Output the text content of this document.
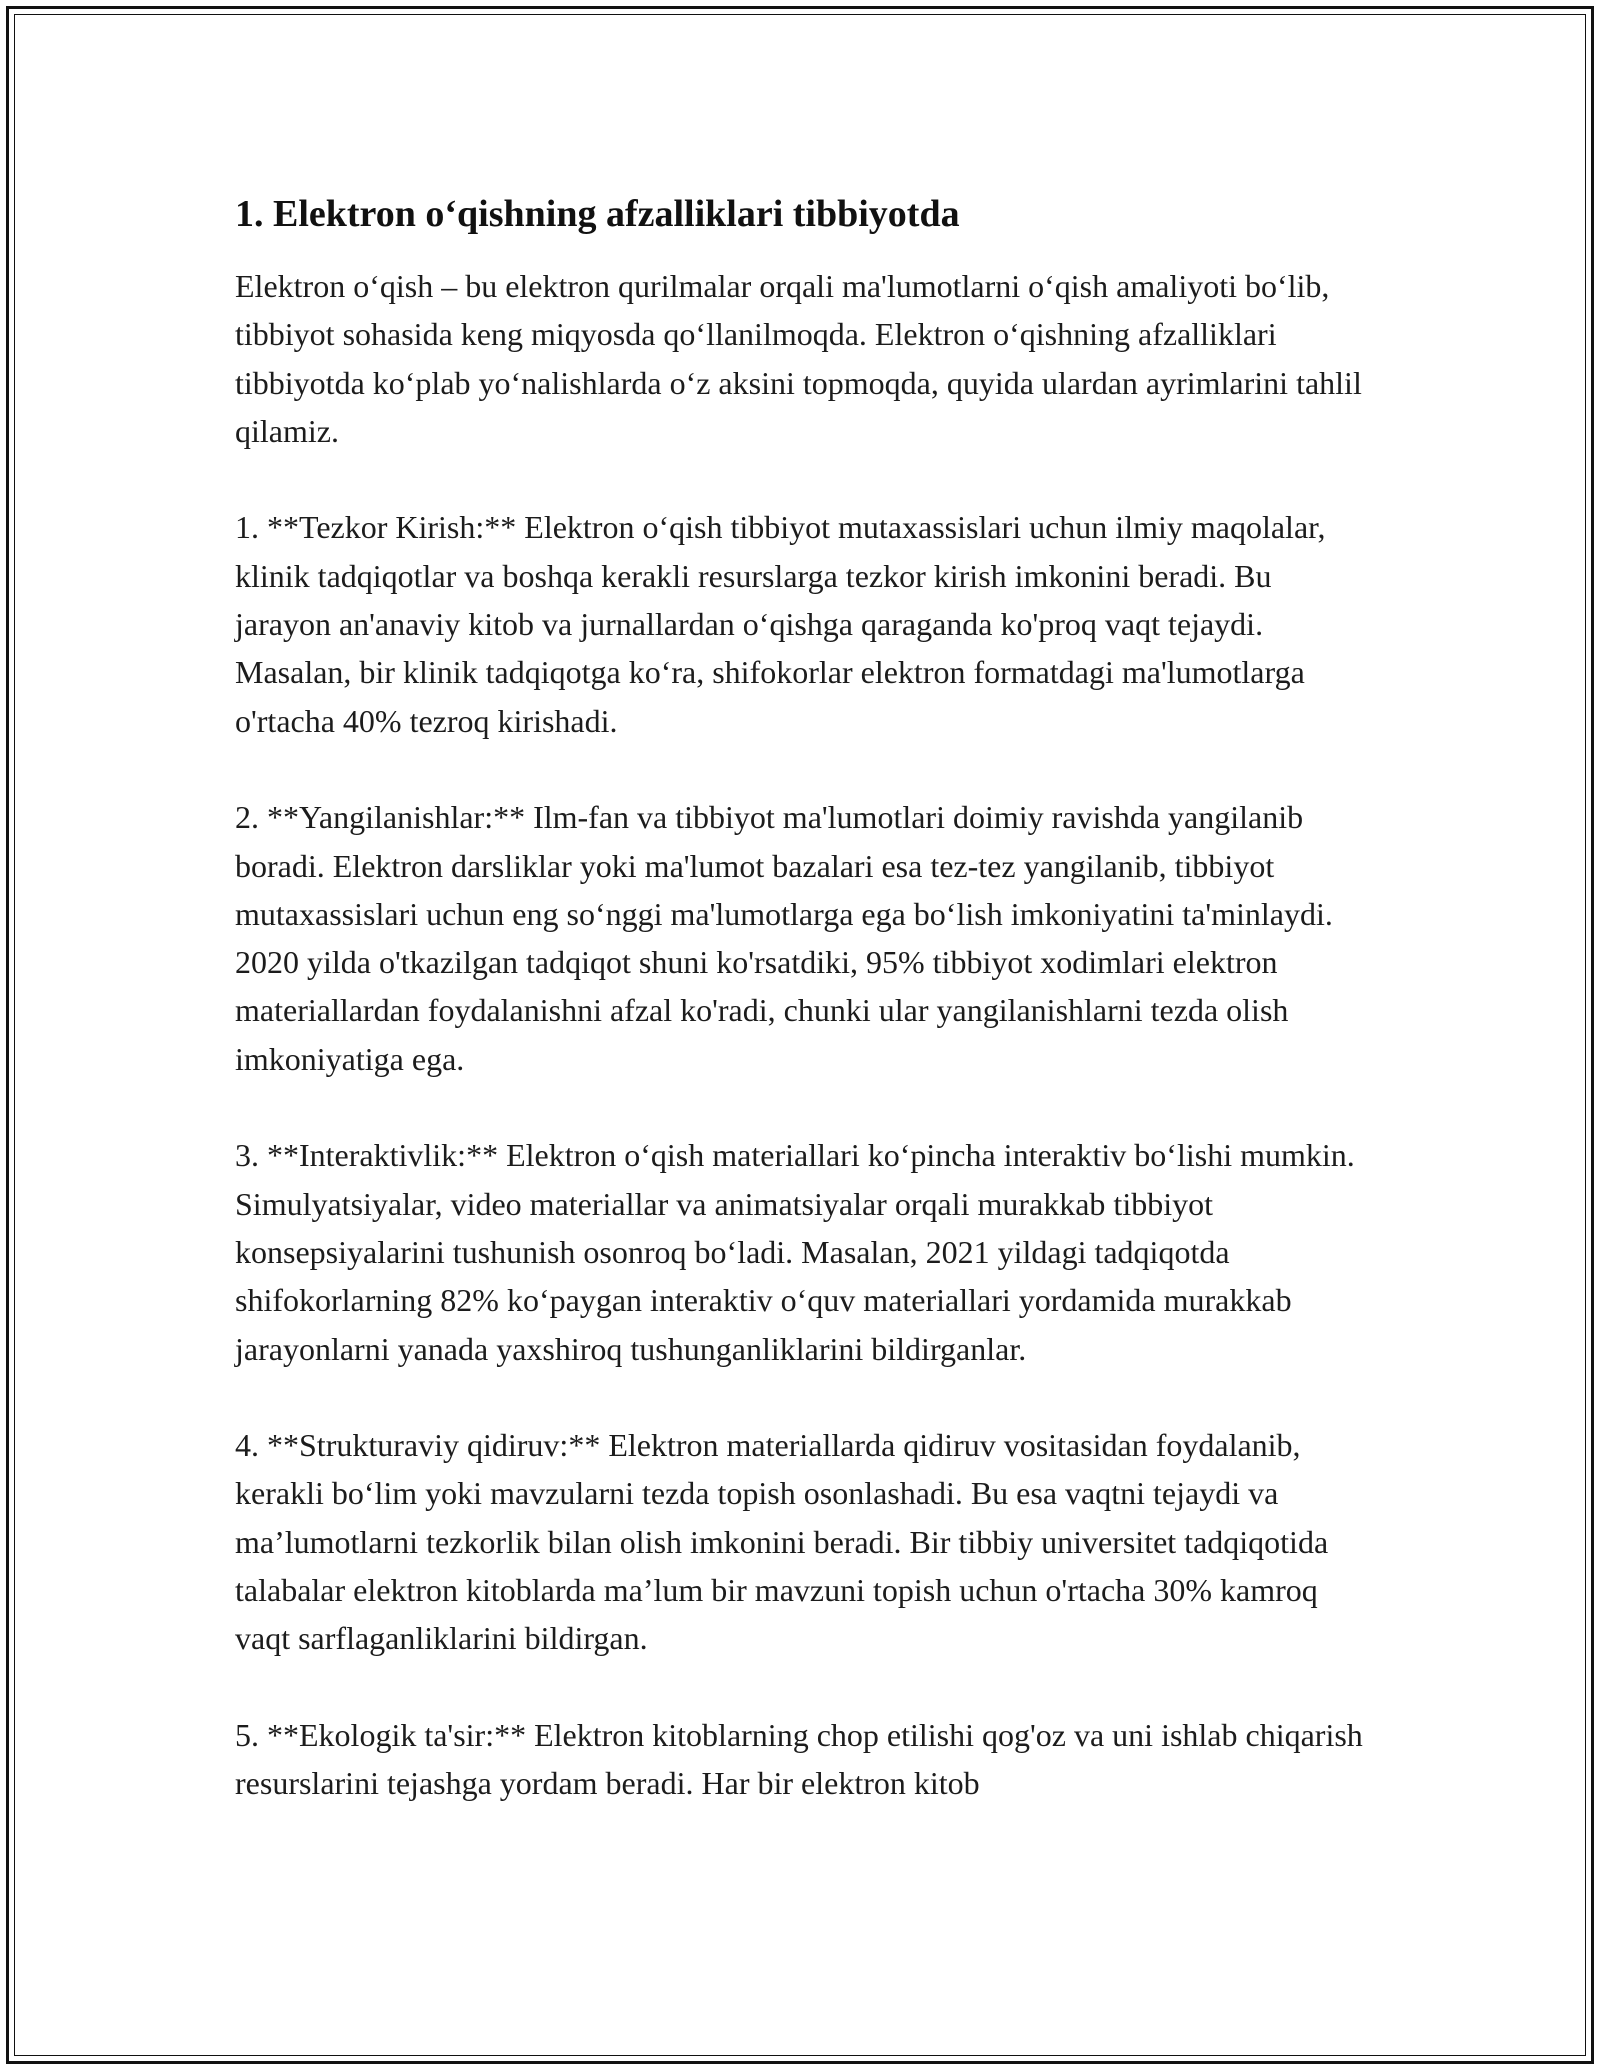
1. Elektron o‘qishning afzalliklari tibbiyotda

Elektron o‘qish – bu elektron qurilmalar orqali ma'lumotlarni o‘qish amaliyoti bo‘lib, tibbiyot sohasida keng miqyosda qo‘llanilmoqda. Elektron o‘qishning afzalliklari tibbiyotda ko‘plab yo‘nalishlarda o‘z aksini topmoqda, quyida ulardan ayrimlarini tahlil qilamiz.

1. **Tezkor Kirish:** Elektron o‘qish tibbiyot mutaxassislari uchun ilmiy maqolalar, klinik tadqiqotlar va boshqa kerakli resurslarga tezkor kirish imkonini beradi. Bu jarayon an'anaviy kitob va jurnallardan o‘qishga qaraganda ko'proq vaqt tejaydi. Masalan, bir klinik tadqiqotga ko‘ra, shifokorlar elektron formatdagi ma'lumotlarga o'rtacha 40% tezroq kirishadi.

2. **Yangilanishlar:** Ilm-fan va tibbiyot ma'lumotlari doimiy ravishda yangilanib boradi. Elektron darsliklar yoki ma'lumot bazalari esa tez-tez yangilanib, tibbiyot mutaxassislari uchun eng so‘nggi ma'lumotlarga ega bo‘lish imkoniyatini ta'minlaydi. 2020 yilda o'tkazilgan tadqiqot shuni ko'rsatdiki, 95% tibbiyot xodimlari elektron materiallardan foydalanishni afzal ko'radi, chunki ular yangilanishlarni tezda olish imkoniyatiga ega.

3. **Interaktivlik:** Elektron o‘qish materiallari ko‘pincha interaktiv bo‘lishi mumkin. Simulyatsiyalar, video materiallar va animatsiyalar orqali murakkab tibbiyot konsepsiyalarini tushunish osonroq bo‘ladi. Masalan, 2021 yildagi tadqiqotda shifokorlarning 82% ko‘paygan interaktiv o‘quv materiallari yordamida murakkab jarayonlarni yanada yaxshiroq tushunganliklarini bildirganlar.

4. **Strukturaviy qidiruv:** Elektron materiallarda qidiruv vositasidan foydalanib, kerakli bo‘lim yoki mavzularni tezda topish osonlashadi. Bu esa vaqtni tejaydi va ma’lumotlarni tezkorlik bilan olish imkonini beradi. Bir tibbiy universitet tadqiqotida talabalar elektron kitoblarda ma’lum bir mavzuni topish uchun o'rtacha 30% kamroq vaqt sarflaganliklarini bildirgan.

5. **Ekologik ta'sir:** Elektron kitoblarning chop etilishi qog'oz va uni ishlab chiqarish resurslarini tejashga yordam beradi. Har bir elektron kitob
